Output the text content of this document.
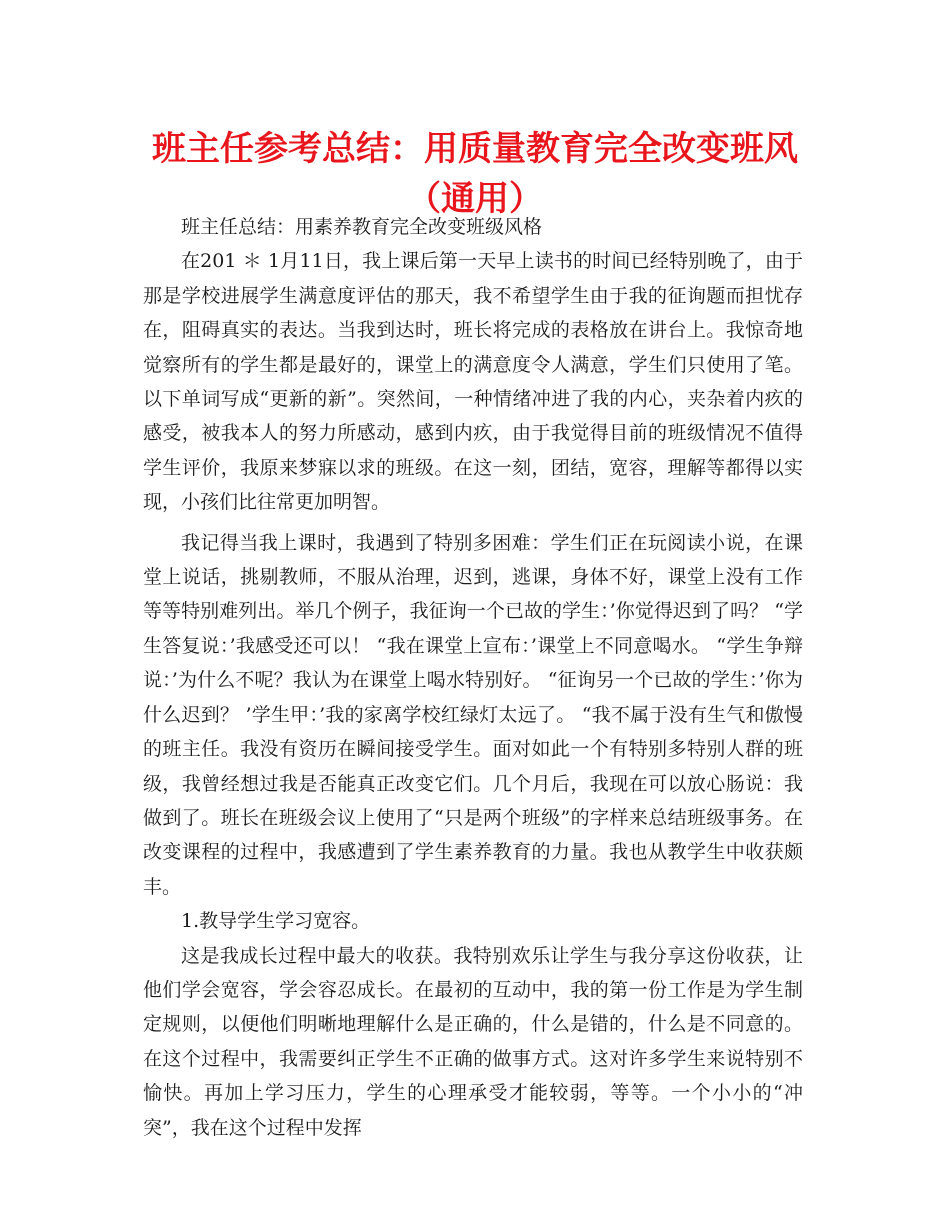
班主任参考总结：用质量教育完全改变班风（通用）

班主任总结：用素养教育完全改变班级风格

在201 ＊ 1月11日，我上课后第一天早上读书的时间已经特别晚了，由于那是学校进展学生满意度评估的那天，我不希望学生由于我的征询题而担忧存在，阻碍真实的表达。当我到达时，班长将完成的表格放在讲台上。我惊奇地觉察所有的学生都是最好的，课堂上的满意度令人满意，学生们只使用了笔。以下单词写成“更新的新”。突然间，一种情绪冲进了我的内心，夹杂着内疚的感受，被我本人的努力所感动，感到内疚，由于我觉得目前的班级情况不值得学生评价，我原来梦寐以求的班级。在这一刻，团结，宽容，理解等都得以实现，小孩们比往常更加明智。

我记得当我上课时，我遇到了特别多困难：学生们正在玩阅读小说，在课堂上说话，挑剔教师，不服从治理，迟到，逃课，身体不好，课堂上没有工作等等特别难列出。举几个例子，我征询一个已故的学生：’你觉得迟到了吗？ “学生答复说：’我感受还可以！ “我在课堂上宣布：’课堂上不同意喝水。 “学生争辩说：’为什么不呢？我认为在课堂上喝水特别好。 “征询另一个已故的学生：’你为什么迟到？ ’学生甲：’我的家离学校红绿灯太远了。 “我不属于没有生气和傲慢的班主任。我没有资历在瞬间接受学生。面对如此一个有特别多特别人群的班级，我曾经想过我是否能真正改变它们。几个月后，我现在可以放心肠说：我做到了。班长在班级会议上使用了“只是两个班级”的字样来总结班级事务。在改变课程的过程中，我感遭到了学生素养教育的力量。我也从教学生中收获颇丰。

1.教导学生学习宽容。

这是我成长过程中最大的收获。我特别欢乐让学生与我分享这份收获，让他们学会宽容，学会容忍成长。在最初的互动中，我的第一份工作是为学生制定规则，以便他们明晰地理解什么是正确的，什么是错的，什么是不同意的。在这个过程中，我需要纠正学生不正确的做事方式。这对许多学生来说特别不愉快。再加上学习压力，学生的心理承受才能较弱，等等。一个小小的“冲突”，我在这个过程中发挥
